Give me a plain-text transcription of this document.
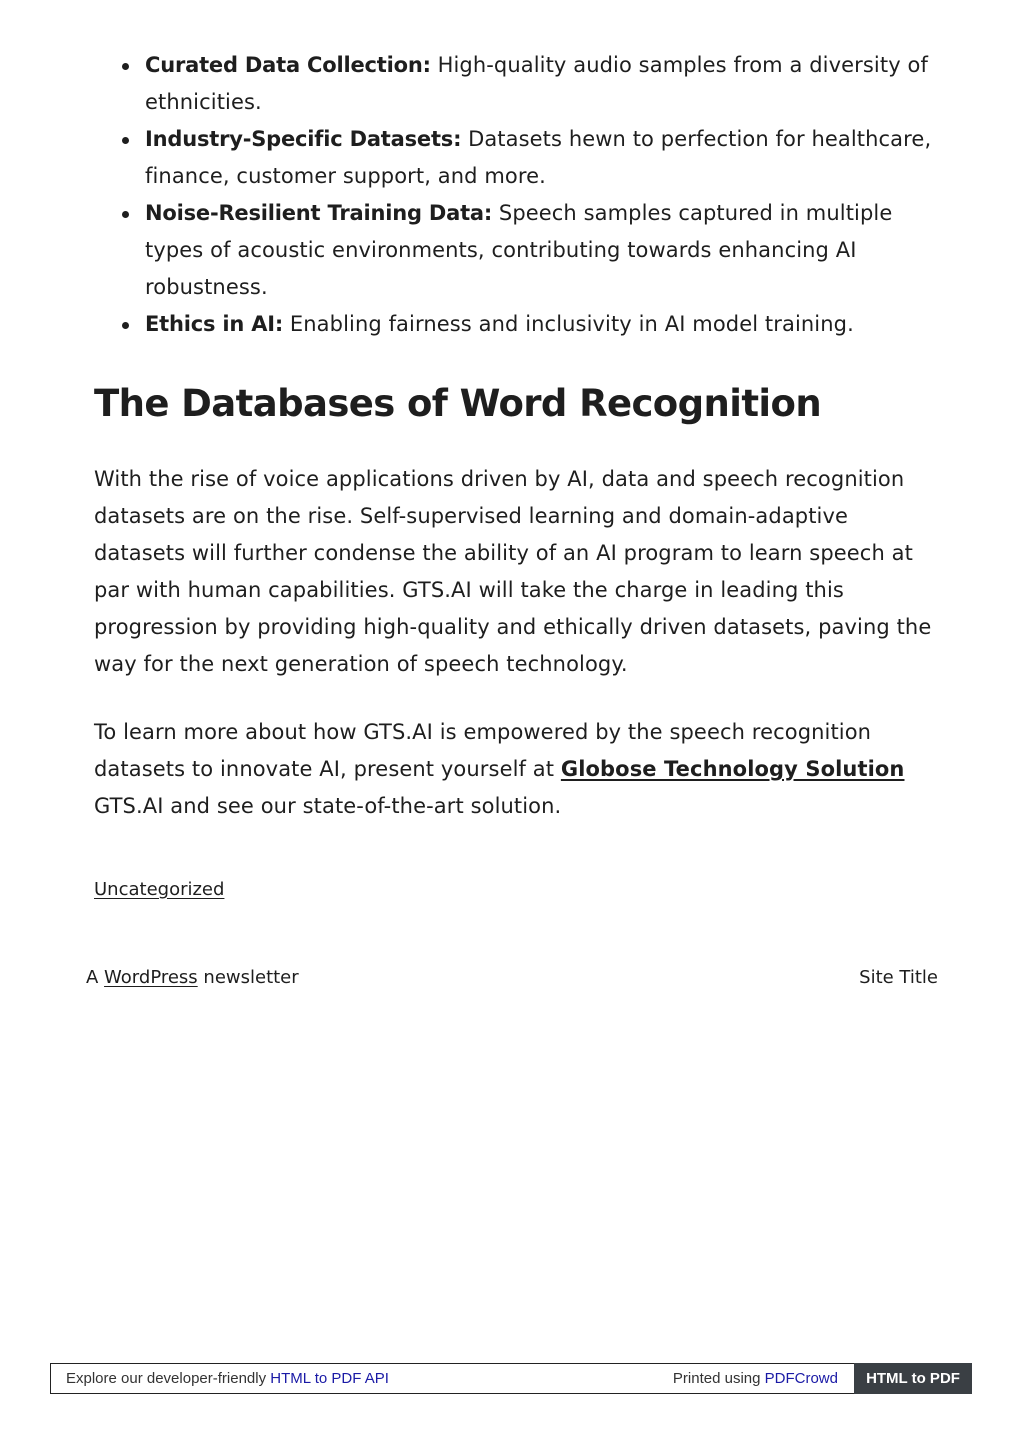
Curated Data Collection: High-quality audio samples from a diversity of ethnicities.
Industry-Specific Datasets: Datasets hewn to perfection for healthcare, finance, customer support, and more.
Noise-Resilient Training Data: Speech samples captured in multiple types of acoustic environments, contributing towards enhancing AI robustness.
Ethics in AI: Enabling fairness and inclusivity in AI model training.
The Databases of Word Recognition

With the rise of voice applications driven by AI, data and speech recognition datasets are on the rise. Self-supervised learning and domain-adaptive datasets will further condense the ability of an AI program to learn speech at par with human capabilities. GTS.AI will take the charge in leading this progression by providing high-quality and ethically driven datasets, paving the way for the next generation of speech technology.

To learn more about how GTS.AI is empowered by the speech recognition datasets to innovate AI, present yourself at Globose Technology Solution GTS.AI and see our state-of-the-art solution.

Uncategorized
A WordPress newsletter	Site Title
Explore our developer-friendly HTML to PDF API	Printed using PDFCrowd	HTML to PDF
